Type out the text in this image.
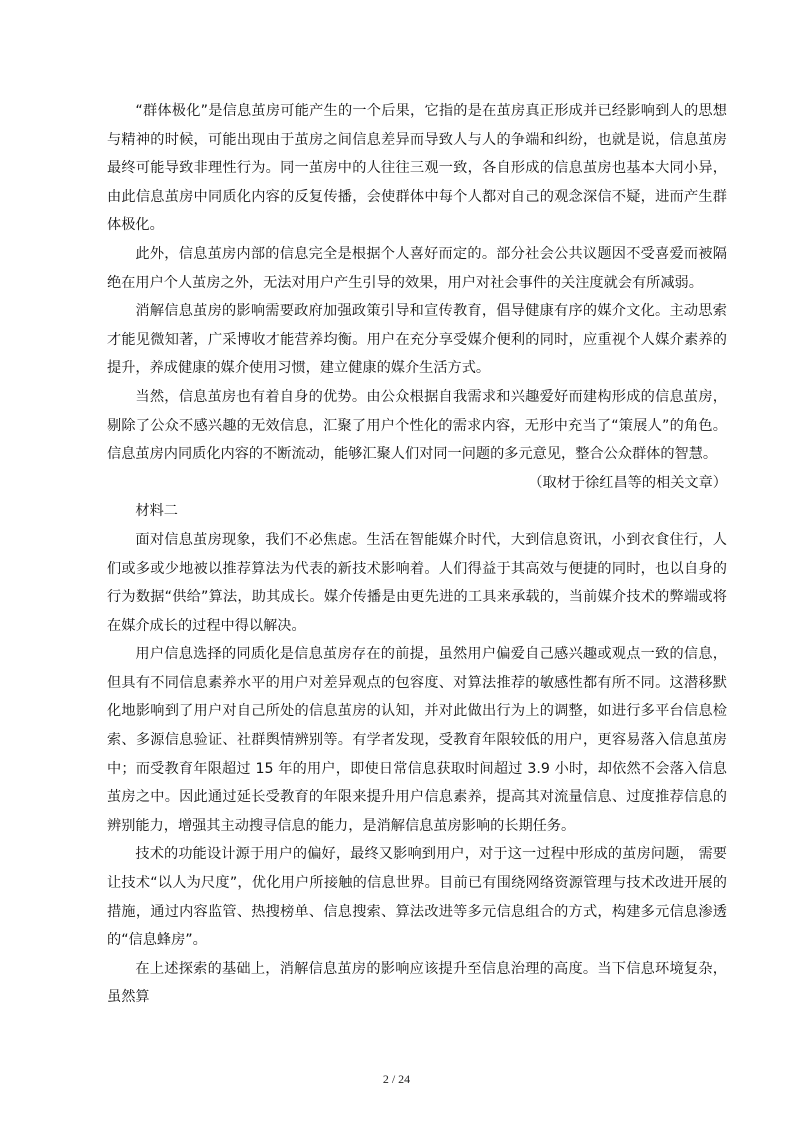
“群体极化”是信息茧房可能产生的一个后果，它指的是在茧房真正形成并已经影响到人的思想与精神的时候，可能出现由于茧房之间信息差异而导致人与人的争端和纠纷，也就是说，信息茧房最终可能导致非理性行为。同一茧房中的人往往三观一致，各自形成的信息茧房也基本大同小异，由此信息茧房中同质化内容的反复传播，会使群体中每个人都对自己的观念深信不疑，进而产生群体极化。

此外，信息茧房内部的信息完全是根据个人喜好而定的。部分社会公共议题因不受喜爱而被隔绝在用户个人茧房之外，无法对用户产生引导的效果，用户对社会事件的关注度就会有所减弱。

消解信息茧房的影响需要政府加强政策引导和宣传教育，倡导健康有序的媒介文化。主动思索才能见微知著，广采博收才能营养均衡。用户在充分享受媒介便利的同时，应重视个人媒介素养的提升，养成健康的媒介使用习惯，建立健康的媒介生活方式。

当然，信息茧房也有着自身的优势。由公众根据自我需求和兴趣爱好而建构形成的信息茧房，剔除了公众不感兴趣的无效信息，汇聚了用户个性化的需求内容，无形中充当了“策展人”的角色。信息茧房内同质化内容的不断流动，能够汇聚人们对同一问题的多元意见，整合公众群体的智慧。

（取材于徐红昌等的相关文章）

材料二

面对信息茧房现象，我们不必焦虑。生活在智能媒介时代，大到信息资讯，小到衣食住行，人们或多或少地被以推荐算法为代表的新技术影响着。人们得益于其高效与便捷的同时，也以自身的行为数据“供给”算法，助其成长。媒介传播是由更先进的工具来承载的，当前媒介技术的弊端或将在媒介成长的过程中得以解决。

用户信息选择的同质化是信息茧房存在的前提，虽然用户偏爱自己感兴趣或观点一致的信息，但具有不同信息素养水平的用户对差异观点的包容度、对算法推荐的敏感性都有所不同。这潜移默化地影响到了用户对自己所处的信息茧房的认知，并对此做出行为上的调整，如进行多平台信息检索、多源信息验证、社群舆情辨别等。有学者发现，受教育年限较低的用户，更容易落入信息茧房中；而受教育年限超过 15 年的用户，即使日常信息获取时间超过 3.9 小时，却依然不会落入信息茧房之中。因此通过延长受教育的年限来提升用户信息素养，提高其对流量信息、过度推荐信息的辨别能力，增强其主动搜寻信息的能力，是消解信息茧房影响的长期任务。

技术的功能设计源于用户的偏好，最终又影响到用户，对于这一过程中形成的茧房问题， 需要让技术“以人为尺度”，优化用户所接触的信息世界。目前已有围绕网络资源管理与技术改进开展的措施，通过内容监管、热搜榜单、信息搜索、算法改进等多元信息组合的方式，构建多元信息渗透的“信息蜂房”。

在上述探索的基础上，消解信息茧房的影响应该提升至信息治理的高度。当下信息环境复杂，虽然算

2 / 24
